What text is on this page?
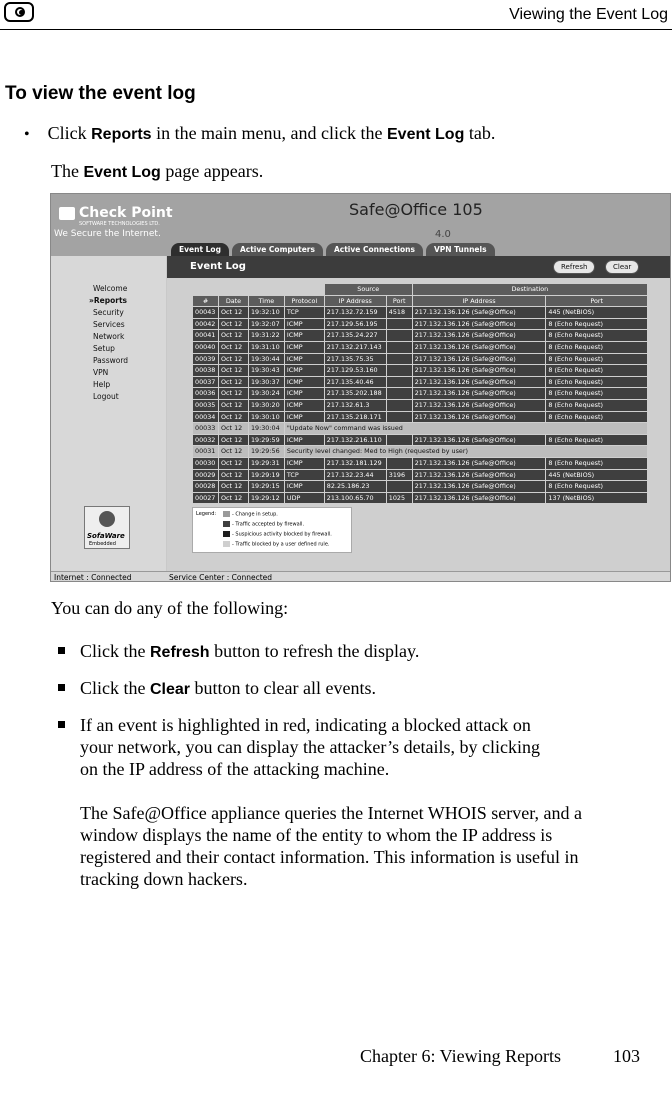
Viewing the Event Log
To view the event log
• Click Reports in the main menu, and click the Event Log tab.
The Event Log page appears.
Check Point
SOFTWARE TECHNOLOGIES LTD.
We Secure the Internet.
Safe@Office 105
4.0
Event Log	Active Computers	Active Connections	VPN Tunnels
Welcome
»Reports
Security
Services
Network
Setup
Password
VPN
Help
Logout
SofaWare
Embedded
Event Log	Refresh	Clear
				Source		Destination	
#	Date	Time	Protocol	IP Address	Port	IP Address	Port
00043	Oct 12	19:32:10	TCP	217.132.72.159	4518	217.132.136.126 (Safe@Office)	445 (NetBIOS)
00042	Oct 12	19:32:07	ICMP	217.129.56.195		217.132.136.126 (Safe@Office)	8 (Echo Request)
00041	Oct 12	19:31:22	ICMP	217.135.24.227		217.132.136.126 (Safe@Office)	8 (Echo Request)
00040	Oct 12	19:31:10	ICMP	217.132.217.143		217.132.136.126 (Safe@Office)	8 (Echo Request)
00039	Oct 12	19:30:44	ICMP	217.135.75.35		217.132.136.126 (Safe@Office)	8 (Echo Request)
00038	Oct 12	19:30:43	ICMP	217.129.53.160		217.132.136.126 (Safe@Office)	8 (Echo Request)
00037	Oct 12	19:30:37	ICMP	217.135.40.46		217.132.136.126 (Safe@Office)	8 (Echo Request)
00036	Oct 12	19:30:24	ICMP	217.135.202.188		217.132.136.126 (Safe@Office)	8 (Echo Request)
00035	Oct 12	19:30:20	ICMP	217.132.61.3		217.132.136.126 (Safe@Office)	8 (Echo Request)
00034	Oct 12	19:30:10	ICMP	217.135.218.171		217.132.136.126 (Safe@Office)	8 (Echo Request)
00033	Oct 12	19:30:04	"Update Now" command was issued				
00032	Oct 12	19:29:59	ICMP	217.132.216.110		217.132.136.126 (Safe@Office)	8 (Echo Request)
00031	Oct 12	19:29:56	Security level changed: Med to High (requested by user)				
00030	Oct 12	19:29:31	ICMP	217.132.181.129		217.132.136.126 (Safe@Office)	8 (Echo Request)
00029	Oct 12	19:29:19	TCP	217.132.23.44	3196	217.132.136.126 (Safe@Office)	445 (NetBIOS)
00028	Oct 12	19:29:15	ICMP	82.25.186.23		217.132.136.126 (Safe@Office)	8 (Echo Request)
00027	Oct 12	19:29:12	UDP	213.100.65.70	1025	217.132.136.126 (Safe@Office)	137 (NetBIOS)
Legend:	- Change in setup.
- Traffic accepted by firewall.
- Suspicious activity blocked by firewall.
- Traffic blocked by a user defined rule.
Internet : Connected	Service Center : Connected
You can do any of the following:
Click the Refresh button to refresh the display.
Click the Clear button to clear all events.
If an event is highlighted in red, indicating a blocked attack on
your network, you can display the attacker’s details, by clicking
on the IP address of the attacking machine.
The Safe@Office appliance queries the Internet WHOIS server, and a
window displays the name of the entity to whom the IP address is
registered and their contact information. This information is useful in
tracking down hackers.
Chapter 6: Viewing Reports	103
